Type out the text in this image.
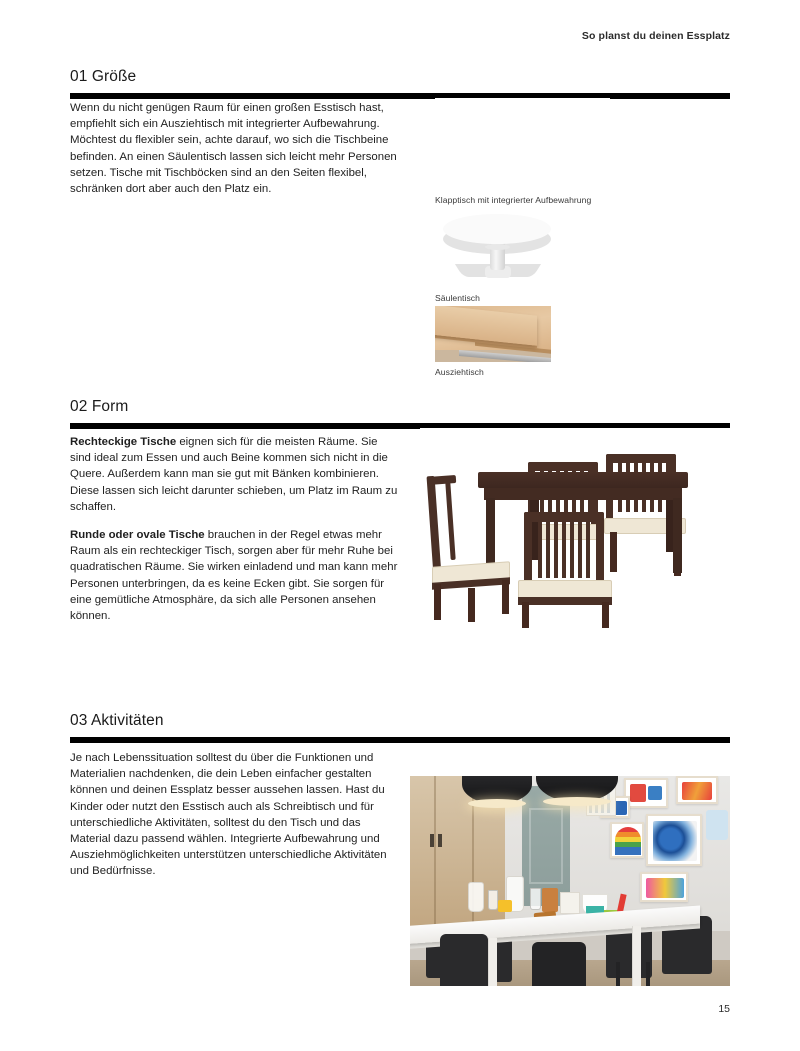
So planst du deinen Essplatz
01 Größe

Wenn du nicht genügen Raum für einen großen Esstisch hast, empfiehlt sich ein Ausziehtisch mit integrierter Aufbewahrung. Möchtest du flexibler sein, achte darauf, wo sich die Tischbeine befinden. An einen Säulentisch lassen sich leicht mehr Personen setzen. Tische mit Tischböcken sind an den Seiten flexibel, schränken dort aber auch den Platz ein.

Klapptisch mit integrierter Aufbewahrung
Säulentisch
Ausziehtisch
02 Form

Rechteckige Tische eignen sich für die meisten Räume. Sie sind ideal zum Essen und auch Beine kommen sich nicht in die Quere. Außerdem kann man sie gut mit Bänken kombinieren. Diese lassen sich leicht darunter schieben, um Platz im Raum zu schaffen.

Runde oder ovale Tische brauchen in der Regel etwas mehr Raum als ein rechteckiger Tisch, sorgen aber für mehr Ruhe bei quadratischen Räume. Sie wirken einladend und man kann mehr Personen unterbringen, da es keine Ecken gibt. Sie sorgen für eine gemütliche Atmosphäre, da sich alle Personen ansehen können.

03 Aktivitäten

Je nach Lebenssituation solltest du über die Funktionen und Materialien nachdenken, die dein Leben einfacher gestalten können und deinen Essplatz besser aussehen lassen. Hast du Kinder oder nutzt den Esstisch auch als Schreibtisch und für unterschiedliche Aktivitäten, solltest du den Tisch und das Material dazu passend wählen. Integrierte Aufbewahrung und Ausziehmöglichkeiten unterstützen unterschiedliche Aktivitäten und Bedürfnisse.

15
